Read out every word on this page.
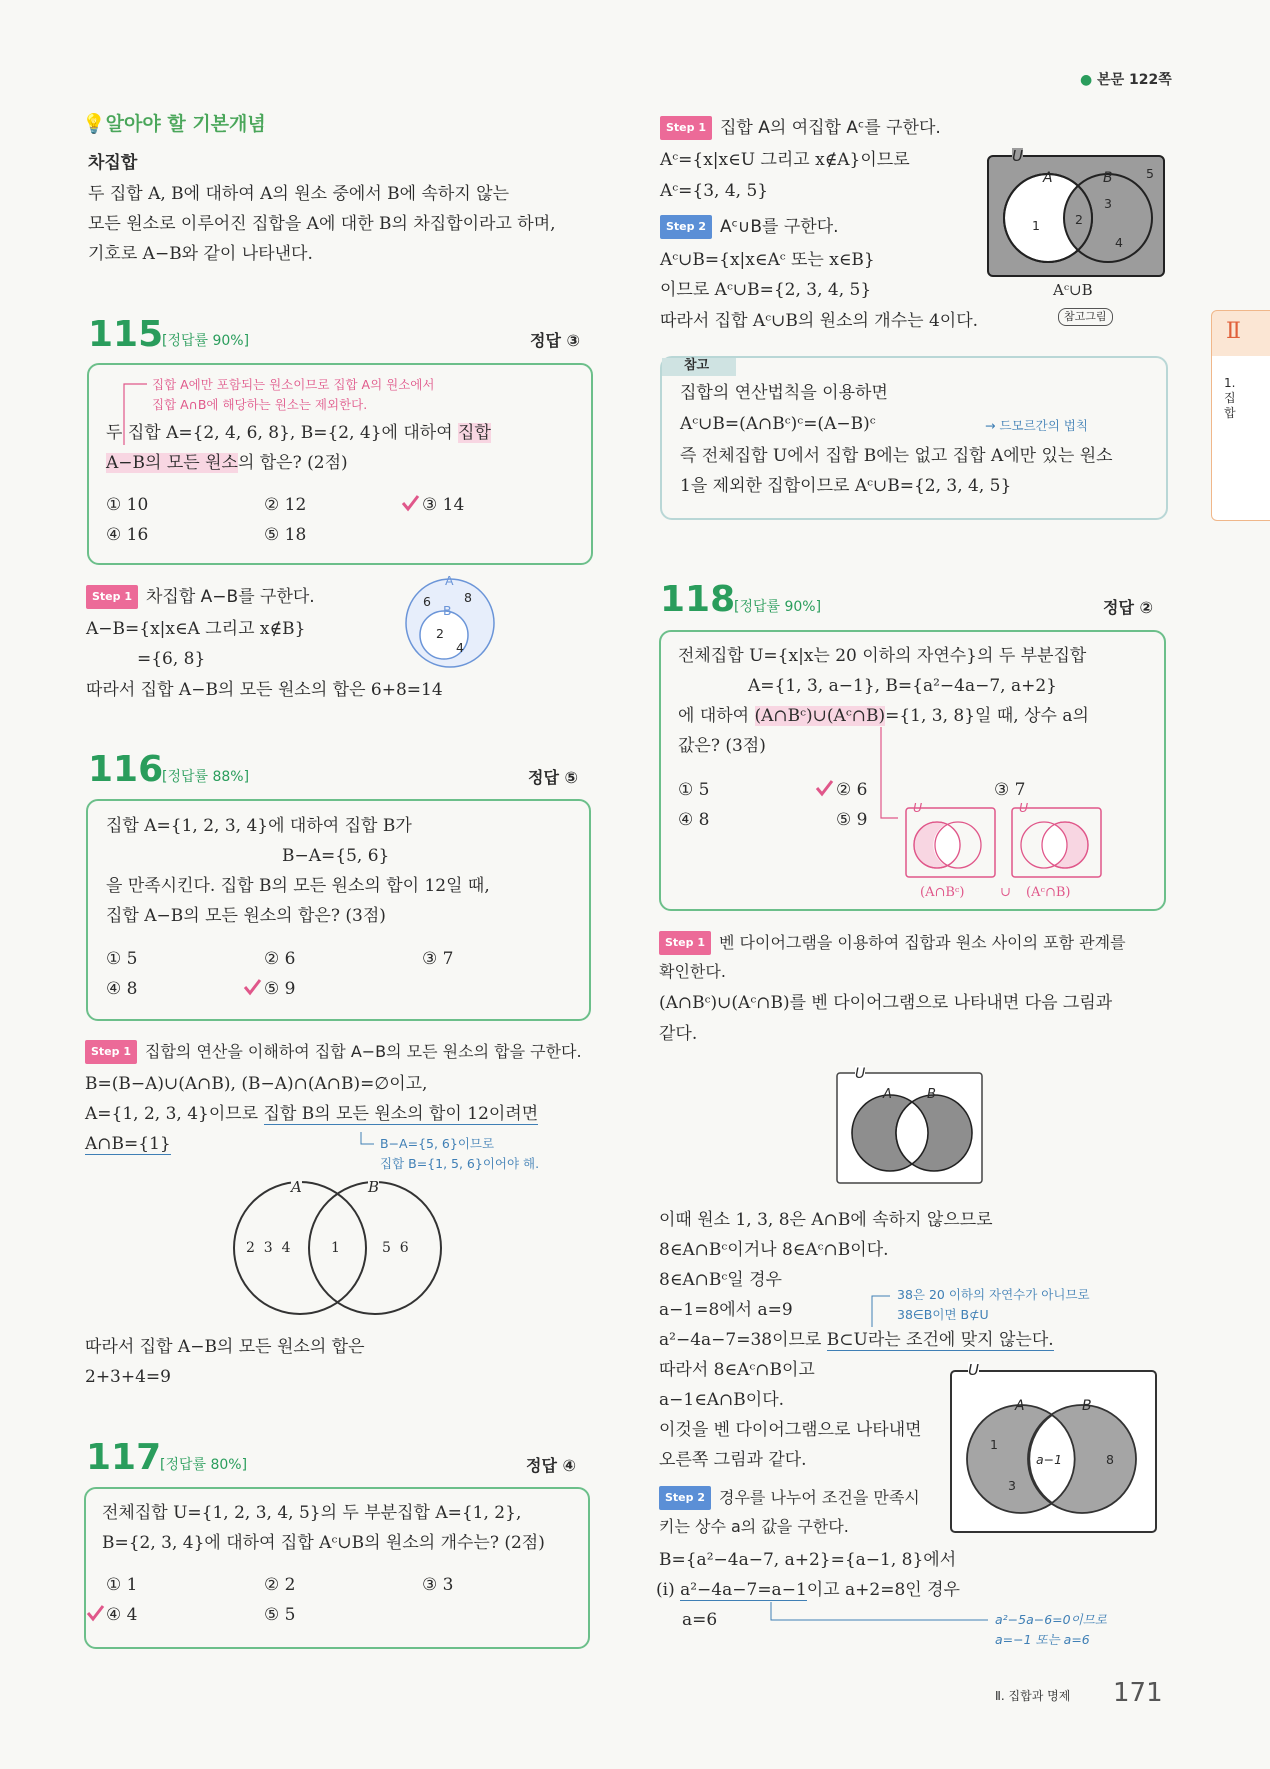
● 본문 122쪽
💡알아야 할 기본개념
차집합
두 집합 A, B에 대하여 A의 원소 중에서 B에 속하지 않는
모든 원소로 이루어진 집합을 A에 대한 B의 차집합이라고 하며,
기호로 A−B와 같이 나타낸다.
115
[정답률 90%]	정답 ③
집합 A에만 포함되는 원소이므로 집합 A의 원소에서
집합 A∩B에 해당하는 원소는 제외한다.
두 집합 A={2, 4, 6, 8}, B={2, 4}에 대하여 집합
A−B의 모든 원소의 합은? (2점)
① 10	② 12	③ 14
④ 16	⑤ 18
Step 1 차집합 A−B를 구한다.
A−B={x|x∈A 그리고 x∉B}
={6, 8}
따라서 집합 A−B의 모든 원소의 합은 6+8=14
A
B
6	8
2
4
116
[정답률 88%]	정답 ⑤
집합 A={1, 2, 3, 4}에 대하여 집합 B가
B−A={5, 6}
을 만족시킨다. 집합 B의 모든 원소의 합이 12일 때,
집합 A−B의 모든 원소의 합은? (3점)
① 5	② 6	③ 7
④ 8	⑤ 9
Step 1 집합의 연산을 이해하여 집합 A−B의 모든 원소의 합을 구한다.
B=(B−A)∪(A∩B), (B−A)∩(A∩B)=∅이고,
A={1, 2, 3, 4}이므로 집합 B의 모든 원소의 합이 12이려면
A∩B={1}	B−A={5, 6}이므로
집합 B={1, 5, 6}이어야 해.
A	B
2  3  4	1	5  6
따라서 집합 A−B의 모든 원소의 합은
2+3+4=9
117
[정답률 80%]	정답 ④
전체집합 U={1, 2, 3, 4, 5}의 두 부분집합 A={1, 2},
B={2, 3, 4}에 대하여 집합 Aᶜ∪B의 원소의 개수는? (2점)
① 1	② 2	③ 3
④ 4	⑤ 5
Step 1 집합 A의 여집합 Aᶜ를 구한다.
Aᶜ={x|x∈U 그리고 x∉A}이므로
Aᶜ={3, 4, 5}
Step 2 Aᶜ∪B를 구한다.
Aᶜ∪B={x|x∈Aᶜ 또는 x∈B}
이므로 Aᶜ∪B={2, 3, 4, 5}
따라서 집합 Aᶜ∪B의 원소의 개수는 4이다.
U
A	B
1	2
3
4
5
Aᶜ∪B
참고그림
참고
집합의 연산법칙을 이용하면
Aᶜ∪B=(A∩Bᶜ)ᶜ=(A−B)ᶜ	→ 드모르간의 법칙
즉 전체집합 U에서 집합 B에는 없고 집합 A에만 있는 원소
1을 제외한 집합이므로 Aᶜ∪B={2, 3, 4, 5}
118
[정답률 90%]	정답 ②
전체집합 U={x|x는 20 이하의 자연수}의 두 부분집합
A={1, 3, a−1}, B={a²−4a−7, a+2}
에 대하여 (A∩Bᶜ)∪(Aᶜ∩B)={1, 3, 8}일 때, 상수 a의
값은? (3점)
① 5	② 6	③ 7
④ 8	⑤ 9
U	U
(A∩Bᶜ)	∪ (Aᶜ∩B)
Step 1 벤 다이어그램을 이용하여 집합과 원소 사이의 포함 관계를
확인한다.
(A∩Bᶜ)∪(Aᶜ∩B)를 벤 다이어그램으로 나타내면 다음 그림과
같다.
U
A	B
이때 원소 1, 3, 8은 A∩B에 속하지 않으므로
8∈A∩Bᶜ이거나 8∈Aᶜ∩B이다.
8∈A∩Bᶜ일 경우
a−1=8에서 a=9
38은 20 이하의 자연수가 아니므로
38∈B이면 B⊄U
a²−4a−7=38이므로 B⊂U라는 조건에 맞지 않는다.
따라서 8∈Aᶜ∩B이고
a−1∈A∩B이다.
이것을 벤 다이어그램으로 나타내면
오른쪽 그림과 같다.
U
A	B
1
3
a−1	8
Step 2 경우를 나누어 조건을 만족시
키는 상수 a의 값을 구한다.
B={a²−4a−7, a+2}={a−1, 8}에서
(i) a²−4a−7=a−1이고 a+2=8인 경우
a=6	a²−5a−6=0이므로
a=−1 또는 a=6
Ⅱ
1. 집합
Ⅱ. 집합과 명제 171
